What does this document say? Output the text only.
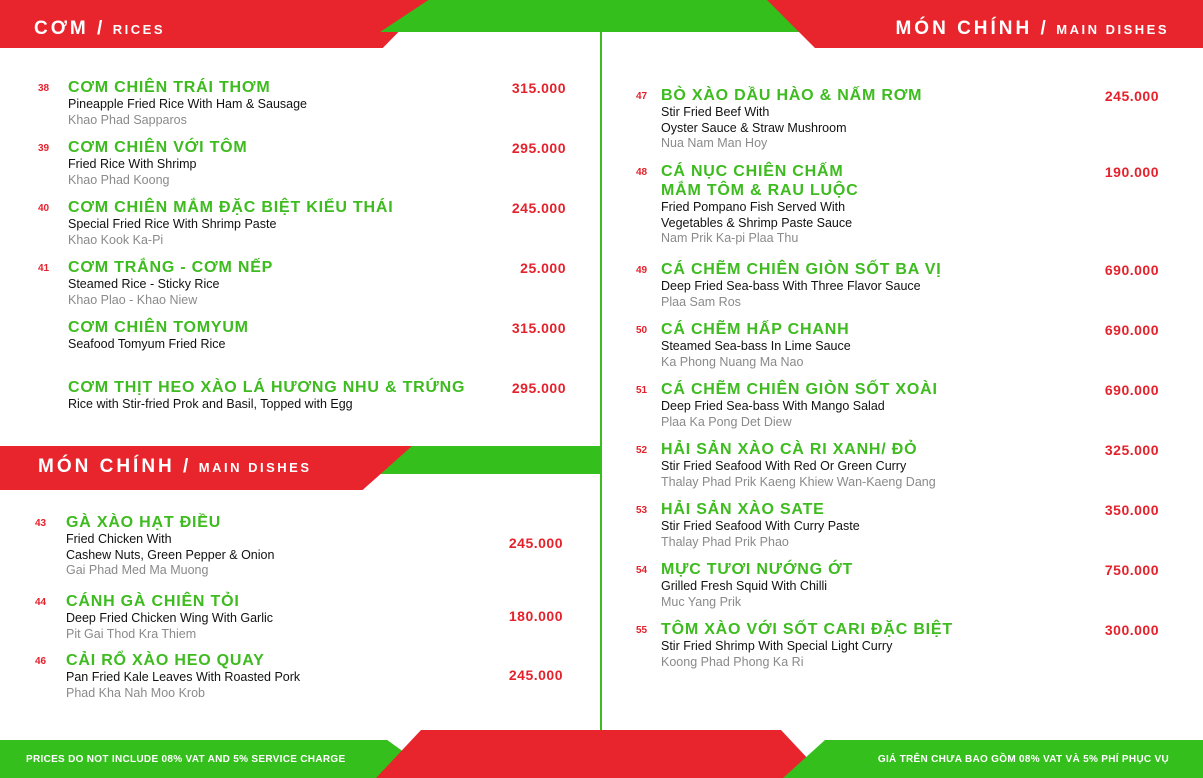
CƠM / RICES	MÓN CHÍNH / MAIN DISHES
MÓN CHÍNH / MAIN DISHES
PRICES DO NOT INCLUDE 08% VAT AND 5% SERVICE CHARGE	GIÁ TRÊN CHƯA BAO GỒM 08% VAT VÀ 5% PHÍ PHỤC VỤ
38 CƠM CHIÊN TRÁI THƠM
Pineapple Fried Rice With Ham & Sausage
Khao Phad Sapparos
315.000
39 CƠM CHIÊN VỚI TÔM
Fried Rice With Shrimp
Khao Phad Koong
295.000
40 CƠM CHIÊN MẮM ĐẶC BIỆT KIỂU THÁI
Special Fried Rice With Shrimp Paste
Khao Kook Ka-Pi
245.000
41 CƠM TRẮNG - CƠM NẾP
Steamed Rice - Sticky Rice
Khao Plao - Khao Niew
25.000
CƠM CHIÊN TOMYUM
Seafood Tomyum Fried Rice
315.000
CƠM THỊT HEO XÀO LÁ HƯƠNG NHU & TRỨNG
Rice with Stir-fried Prok and Basil, Topped with Egg
295.000
43 GÀ XÀO HẠT ĐIỀU
Fried Chicken With
Cashew Nuts, Green Pepper & Onion
Gai Phad Med Ma Muong
245.000
44 CÁNH GÀ CHIÊN TỎI
Deep Fried Chicken Wing With Garlic
Pit Gai Thod Kra Thiem
180.000
46 CẢI RỔ XÀO HEO QUAY
Pan Fried Kale Leaves With Roasted Pork
Phad Kha Nah Moo Krob
245.000
47 BÒ XÀO DẦU HÀO & NẤM RƠM
Stir Fried Beef With
Oyster Sauce & Straw Mushroom
Nua Nam Man Hoy
245.000
48 CÁ NỤC CHIÊN CHẤM
MẮM TÔM & RAU LUỘC
Fried Pompano Fish Served With
Vegetables & Shrimp Paste Sauce
Nam Prik Ka-pi Plaa Thu
190.000
49 CÁ CHẼM CHIÊN GIÒN SỐT BA VỊ
Deep Fried Sea-bass With Three Flavor Sauce
Plaa Sam Ros
690.000
50 CÁ CHẼM HẤP CHANH
Steamed Sea-bass In Lime Sauce
Ka Phong Nuang Ma Nao
690.000
51 CÁ CHẼM CHIÊN GIÒN SỐT XOÀI
Deep Fried Sea-bass With Mango Salad
Plaa Ka Pong Det Diew
690.000
52 HẢI SẢN XÀO CÀ RI XANH/ ĐỎ
Stir Fried Seafood With Red Or Green Curry
Thalay Phad Prik Kaeng Khiew Wan-Kaeng Dang
325.000
53 HẢI SẢN XÀO SATE
Stir Fried Seafood With Curry Paste
Thalay Phad Prik Phao
350.000
54 MỰC TƯƠI NƯỚNG ỚT
Grilled Fresh Squid With Chilli
Muc Yang Prik
750.000
55 TÔM XÀO VỚI SỐT CARI ĐẶC BIỆT
Stir Fried Shrimp With Special Light Curry
Koong Phad Phong Ka Ri
300.000
